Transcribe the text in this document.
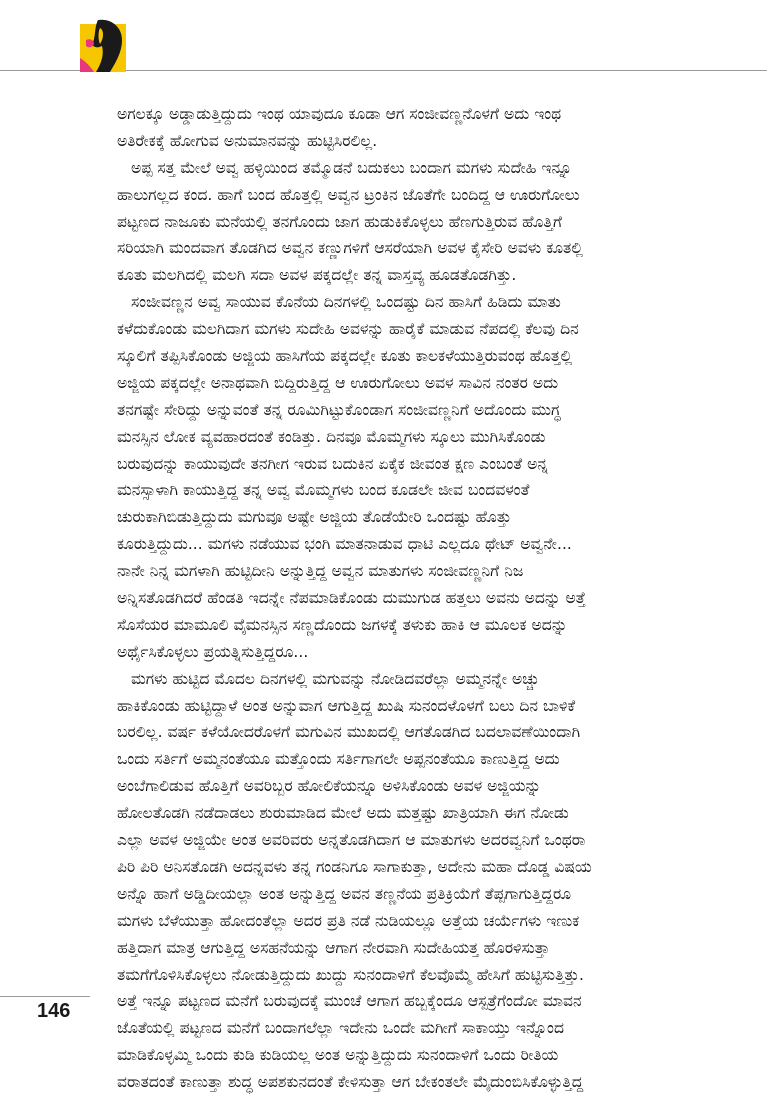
ಅಗಲಕ್ಕೂ ಅಡ್ಡಾಡುತ್ತಿದ್ದುದು ಇಂಥ ಯಾವುದೂ ಕೂಡಾ ಆಗ ಸಂಜೀವಣ್ಣನೊಳಗೆ ಅದು ಇಂಥ
ಅತಿರೇಕಕ್ಕೆ ಹೋಗುವ ಅನುಮಾನವನ್ನು ಹುಟ್ಟಿಸಿರಲಿಲ್ಲ.
ಅಪ್ಪ ಸತ್ತ ಮೇಲೆ ಅವ್ವ ಹಳ್ಳಿಯಿಂದ ತಮ್ಮೊಡನೆ ಬದುಕಲು ಬಂದಾಗ ಮಗಳು ಸುದೇಹಿ ಇನ್ನೂ
ಹಾಲುಗಲ್ಲದ ಕಂದ. ಹಾಗೆ ಬಂದ ಹೊತ್ತಲ್ಲಿ ಅವ್ವನ ಟ್ರಂಕಿನ ಜೊತೆಗೇ ಬಂದಿದ್ದ ಆ ಊರುಗೋಲು
ಪಟ್ಟಣದ ನಾಜೂಕು ಮನೆಯಲ್ಲಿ ತನಗೊಂದು ಜಾಗ ಹುಡುಕಿಕೊಳ್ಳಲು ಹೆಣಗುತ್ತಿರುವ ಹೊತ್ತಿಗೆ
ಸರಿಯಾಗಿ ಮಂದವಾಗ ತೊಡಗಿದ ಅವ್ವನ ಕಣ್ಣುಗಳಿಗೆ ಆಸರೆಯಾಗಿ ಅವಳ ಕೈಸೇರಿ ಅವಳು ಕೂತಲ್ಲಿ
ಕೂತು ಮಲಗಿದಲ್ಲಿ ಮಲಗಿ ಸದಾ ಅವಳ ಪಕ್ಕದಲ್ಲೇ ತನ್ನ ವಾಸ್ತವ್ಯ ಹೂಡತೊಡಗಿತ್ತು.
ಸಂಜೀವಣ್ಣನ ಅವ್ವ ಸಾಯುವ ಕೊನೆಯ ದಿನಗಳಲ್ಲಿ ಒಂದಷ್ಟು ದಿನ ಹಾಸಿಗೆ ಹಿಡಿದು ಮಾತು
ಕಳೆದುಕೊಂಡು ಮಲಗಿದಾಗ ಮಗಳು ಸುದೇಹಿ ಅವಳನ್ನು ಹಾರೈಕೆ ಮಾಡುವ ನೆಪದಲ್ಲಿ ಕೆಲವು ದಿನ
ಸ್ಕೂಲಿಗೆ ತಪ್ಪಿಸಿಕೊಂಡು ಅಜ್ಜಿಯ ಹಾಸಿಗೆಯ ಪಕ್ಕದಲ್ಲೇ ಕೂತು ಕಾಲಕಳೆಯುತ್ತಿರುವಂಥ ಹೊತ್ತಲ್ಲಿ
ಅಜ್ಜಿಯ ಪಕ್ಕದಲ್ಲೇ ಅನಾಥವಾಗಿ ಬಿದ್ದಿರುತ್ತಿದ್ದ ಆ ಊರುಗೋಲು ಅವಳ ಸಾವಿನ ನಂತರ ಅದು
ತನಗಷ್ಟೇ ಸೇರಿದ್ದು ಅನ್ನುವಂತೆ ತನ್ನ ರೂಮಿಗಿಟ್ಟುಕೊಂಡಾಗ ಸಂಜೀವಣ್ಣನಿಗೆ ಅದೊಂದು ಮುಗ್ಧ
ಮನಸ್ಸಿನ ಲೋಕ ವ್ಯವಹಾರದಂತೆ ಕಂಡಿತ್ತು. ದಿನವೂ ಮೊಮ್ಮಗಳು ಸ್ಕೂಲು ಮುಗಿಸಿಕೊಂಡು
ಬರುವುದನ್ನು ಕಾಯುವುದೇ ತನಗೀಗ ಇರುವ ಬದುಕಿನ ಏಕೈಕ ಜೀವಂತ ಕ್ಷಣ ಎಂಬಂತೆ ಅನ್ನ
ಮನಸ್ಸಾಳಾಗಿ ಕಾಯುತ್ತಿದ್ದ ತನ್ನ ಅವ್ವ ಮೊಮ್ಮಗಳು ಬಂದ ಕೂಡಲೇ ಜೀವ ಬಂದವಳಂತೆ
ಚುರುಕಾಗಿಬಿಡುತ್ತಿದ್ದುದು ಮಗುವೂ ಅಷ್ಟೇ ಅಜ್ಜಿಯ ತೊಡೆಯೇರಿ ಒಂದಷ್ಟು ಹೊತ್ತು
ಕೂರುತ್ತಿದ್ದುದು... ಮಗಳು ನಡೆಯುವ ಭಂಗಿ ಮಾತನಾಡುವ ಧಾಟಿ ಎಲ್ಲದೂ ಥೇಟ್ ಅವ್ವನೇ...
ನಾನೇ ನಿನ್ನ ಮಗಳಾಗಿ ಹುಟ್ಟಿದೀನಿ ಅನ್ನುತ್ತಿದ್ದ ಅವ್ವನ ಮಾತುಗಳು ಸಂಜೀವಣ್ಣನಿಗೆ ನಿಜ
ಅನ್ನಿಸತೊಡಗಿದರೆ ಹೆಂಡತಿ ಇದನ್ನೇ ನೆಪಮಾಡಿಕೊಂಡು ದುಮುಗುಡ ಹತ್ತಲು ಅವನು ಅದನ್ನು ಅತ್ತೆ
ಸೊಸೆಯರ ಮಾಮೂಲಿ ವೈಮನಸ್ಸಿನ ಸಣ್ಣದೊಂದು ಜಗಳಕ್ಕೆ ತಳುಕು ಹಾಕಿ ಆ ಮೂಲಕ ಅದನ್ನು
ಅರ್ಥೈಸಿಕೊಳ್ಳಲು ಪ್ರಯತ್ನಿಸುತ್ತಿದ್ದರೂ...
ಮಗಳು ಹುಟ್ಟಿದ ಮೊದಲ ದಿನಗಳಲ್ಲಿ ಮಗುವನ್ನು ನೋಡಿದವರೆಲ್ಲಾ ಅಮ್ಮನನ್ನೇ ಅಚ್ಚು
ಹಾಕಿಕೊಂಡು ಹುಟ್ಟಿದ್ದಾಳೆ ಅಂತ ಅನ್ನುವಾಗ ಆಗುತ್ತಿದ್ದ ಖುಷಿ ಸುನಂದಳೊಳಗೆ ಬಲು ದಿನ ಬಾಳಿಕೆ
ಬರಲಿಲ್ಲ. ವರ್ಷ ಕಳೆಯೋದರೊಳಗೆ ಮಗುವಿನ ಮುಖದಲ್ಲಿ ಆಗತೊಡಗಿದ ಬದಲಾವಣೆಯಿಂದಾಗಿ
ಒಂದು ಸರ್ತಿಗೆ ಅಮ್ಮನಂತೆಯೂ ಮತ್ತೊಂದು ಸರ್ತಿಗಾಗಲೇ ಅಪ್ಪನಂತೆಯೂ ಕಾಣುತ್ತಿದ್ದ ಅದು
ಅಂಬೆಗಾಲಿಡುವ ಹೊತ್ತಿಗೆ ಅವರಿಬ್ಬರ ಹೋಲಿಕೆಯನ್ನೂ ಅಳಿಸಿಕೊಂಡು ಅವಳ ಅಜ್ಜಿಯನ್ನು
ಹೋಲತೊಡಗಿ ನಡೆದಾಡಲು ಶುರುಮಾಡಿದ ಮೇಲೆ ಅದು ಮತ್ತಷ್ಟು ಖಾತ್ರಿಯಾಗಿ ಈಗ ನೋಡು
ಎಲ್ಲಾ ಅವಳ ಅಜ್ಜಿಯೇ ಅಂತ ಅವರಿವರು ಅನ್ನತೊಡಗಿದಾಗ ಆ ಮಾತುಗಳು ಅದರವ್ವನಿಗೆ ಒಂಥರಾ
ಪಿರಿ ಪಿರಿ ಅನಿಸತೊಡಗಿ ಅದನ್ನವಳು ತನ್ನ ಗಂಡನಿಗೂ ಸಾಗಾಕುತ್ತಾ, ಅದೇನು ಮಹಾ ದೊಡ್ಡ ವಿಷಯ
ಅನ್ನೊ ಹಾಗೆ ಅಡ್ಡಿದೀಯಲ್ಲಾ ಅಂತ ಅನ್ನುತ್ತಿದ್ದ ಅವನ ತಣ್ಣನೆಯ ಪ್ರತಿಕ್ರಿಯೆಗೆ ತೆಪ್ಪಗಾಗುತ್ತಿದ್ದರೂ
ಮಗಳು ಬೆಳೆಯುತ್ತಾ ಹೋದಂತೆಲ್ಲಾ ಅದರ ಪ್ರತಿ ನಡೆ ನುಡಿಯಲ್ಲೂ ಅತ್ತೆಯ ಚರ್ಯೆಗಳು ಇಣುಕ
ಹತ್ತಿದಾಗ ಮಾತ್ರ ಆಗುತ್ತಿದ್ದ ಅಸಹನೆಯನ್ನು ಆಗಾಗ ನೇರವಾಗಿ ಸುದೇಹಿಯತ್ತ ಹೊರಳಿಸುತ್ತಾ
ತಮಗೆಗೊಳಿಸಿಕೊಳ್ಳಲು ನೋಡುತ್ತಿದ್ದುದು ಖುದ್ದು ಸುನಂದಾಳಿಗೆ ಕೆಲವೊಮ್ಮೆ ಹೇಸಿಗೆ ಹುಟ್ಟಿಸುತ್ತಿತ್ತು.
ಅತ್ತೆ ಇನ್ನೂ ಪಟ್ಟಣದ ಮನೆಗೆ ಬರುವುದಕ್ಕೆ ಮುಂಚೆ ಆಗಾಗ ಹಬ್ಬಕ್ಕೆಂದೂ ಆಸ್ಪತ್ರೆಗೆಂದೋ ಮಾವನ
ಜೊತೆಯಲ್ಲಿ ಪಟ್ಟಣದ ಮನೆಗೆ ಬಂದಾಗಲೆಲ್ಲಾ ಇದೇನು ಒಂದೇ ಮಗೀಗೆ ಸಾಕಾಯ್ತು ಇನ್ನೊಂದ
ಮಾಡಿಕೊಳ್ಳಮ್ಮಿ ಒಂದು ಕುಡಿ ಕುಡಿಯಲ್ಲ ಅಂತ ಅನ್ನುತ್ತಿದ್ದುದು ಸುನಂದಾಳಿಗೆ ಒಂದು ರೀತಿಯ
ವರಾತದಂತೆ ಕಾಣುತ್ತಾ ಶುದ್ಧ ಅಪಶಕುನದಂತೆ ಕೇಳಿಸುತ್ತಾ ಆಗ ಬೇಕಂತಲೇ ಮೈದುಂಬಿಸಿಕೊಳ್ಳುತ್ತಿದ್ದ
146
